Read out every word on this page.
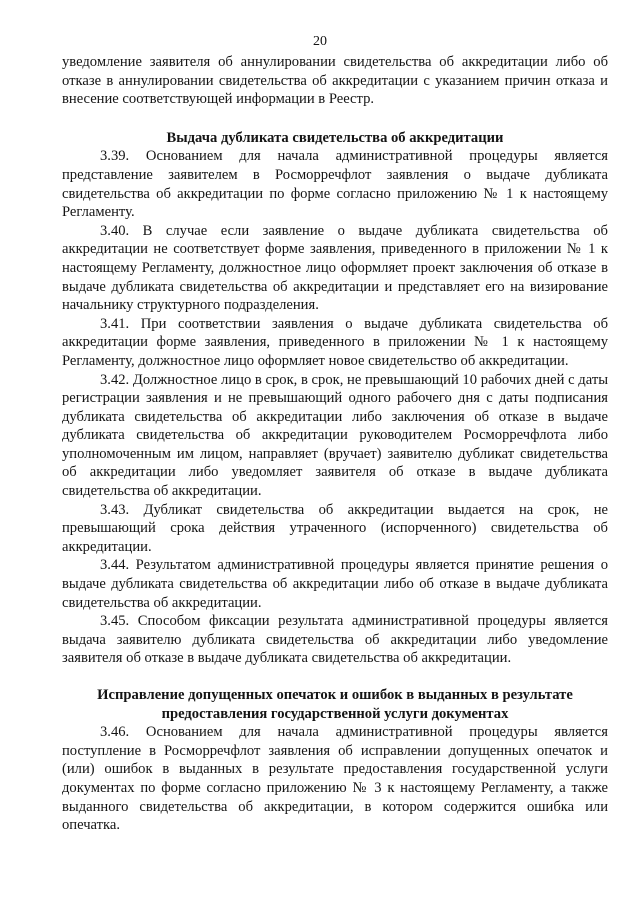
20

уведомление заявителя об аннулировании свидетельства об аккредитации либо об отказе в аннулировании свидетельства об аккредитации с указанием причин отказа и внесение соответствующей информации в Реестр.

Выдача дубликата свидетельства об аккредитации

3.39. Основанием для начала административной процедуры является представление заявителем в Росморречфлот заявления о выдаче дубликата свидетельства об аккредитации по форме согласно приложению № 1 к настоящему Регламенту.

3.40. В случае если заявление о выдаче дубликата свидетельства об аккредитации не соответствует форме заявления, приведенного в приложении № 1 к настоящему Регламенту, должностное лицо оформляет проект заключения об отказе в выдаче дубликата свидетельства об аккредитации и представляет его на визирование начальнику структурного подразделения.

3.41. При соответствии заявления о выдаче дубликата свидетельства об аккредитации форме заявления, приведенного в приложении № 1 к настоящему Регламенту, должностное лицо оформляет новое свидетельство об аккредитации.

3.42. Должностное лицо в срок, в срок, не превышающий 10 рабочих дней с даты регистрации заявления и не превышающий одного рабочего дня с даты подписания дубликата свидетельства об аккредитации либо заключения об отказе в выдаче дубликата свидетельства об аккредитации руководителем Росморречфлота либо уполномоченным им лицом, направляет (вручает) заявителю дубликат свидетельства об аккредитации либо уведомляет заявителя об отказе в выдаче дубликата свидетельства об аккредитации.

3.43. Дубликат свидетельства об аккредитации выдается на срок, не превышающий срока действия утраченного (испорченного) свидетельства об аккредитации.

3.44. Результатом административной процедуры является принятие решения о выдаче дубликата свидетельства об аккредитации либо об отказе в выдаче дубликата свидетельства об аккредитации.

3.45. Способом фиксации результата административной процедуры является выдача заявителю дубликата свидетельства об аккредитации либо уведомление заявителя об отказе в выдаче дубликата свидетельства об аккредитации.

Исправление допущенных опечаток и ошибок в выданных в результате

предоставления государственной услуги документах

3.46. Основанием для начала административной процедуры является поступление в Росморречфлот заявления об исправлении допущенных опечаток и (или) ошибок в выданных в результате предоставления государственной услуги документах по форме согласно приложению № 3 к настоящему Регламенту, а также выданного свидетельства об аккредитации, в котором содержится ошибка или опечатка.
